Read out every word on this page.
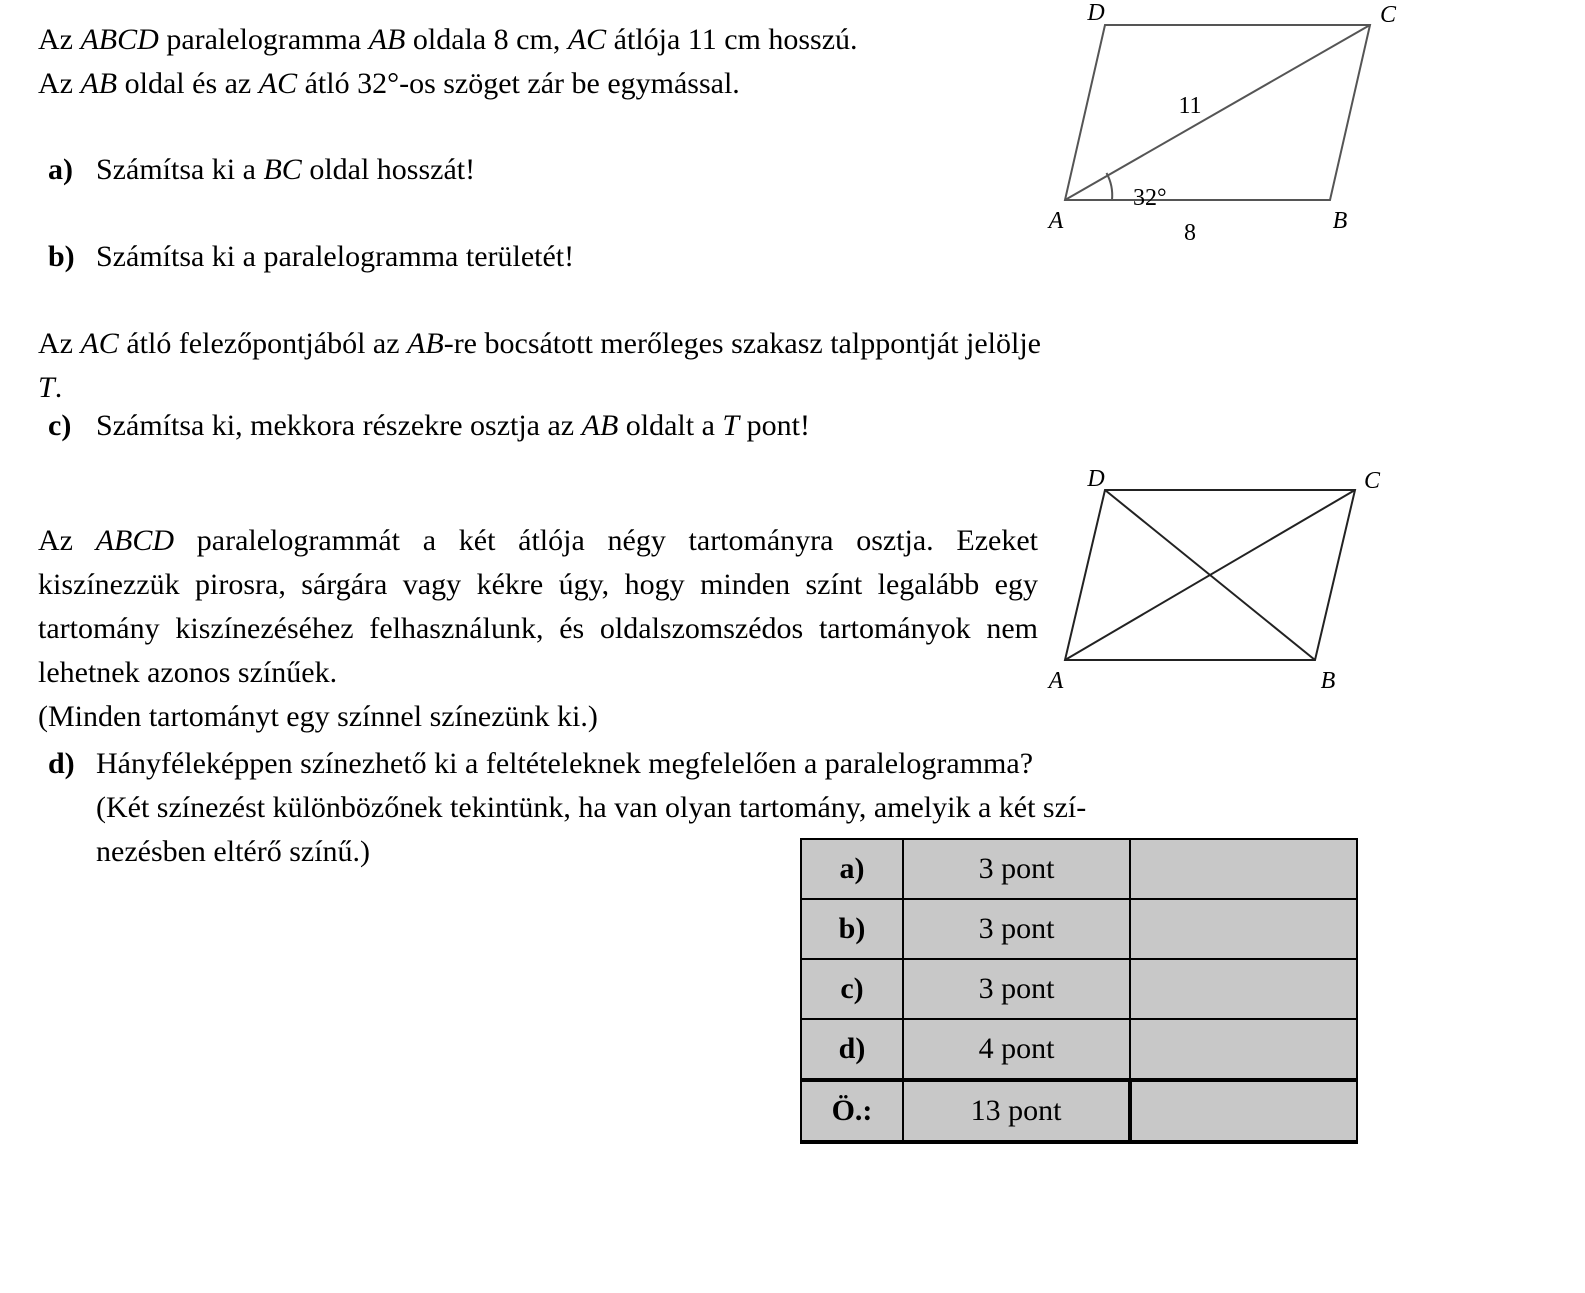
Az ABCD paralelogramma AB oldala 8 cm, AC átlója 11 cm hosszú.
Az AB oldal és az AC átló 32°-os szöget zár be egymással.

a) Számítsa ki a BC oldal hosszát!

b) Számítsa ki a paralelogramma területét!

Az AC átló felezőpontjából az AB-re bocsátott merőleges szakasz talppontját jelölje T.

c) Számítsa ki, mekkora részekre osztja az AB oldalt a T pont!

Az ABCD paralelogrammát a két átlója négy tartományra osztja. Ezeket kiszínezzük pirosra, sárgára vagy kékre úgy, hogy minden színt legalább egy tartomány kiszínezéséhez felhasználunk, és oldalszomszédos tartományok nem lehetnek azonos színűek.
(Minden tartományt egy színnel színezünk ki.)

d) Hányféleképpen színezhető ki a feltételeknek megfelelően a paralelogramma?
(Két színezést különbözőnek tekintünk, ha van olyan tartomány, amelyik a két szí-
nezésben eltérő színű.)

A	B
C
D
11
8
32°
A	B
C
D
a)	3 pont	
b)	3 pont	
c)	3 pont	
d)	4 pont	
Ö.:	13 pont	
